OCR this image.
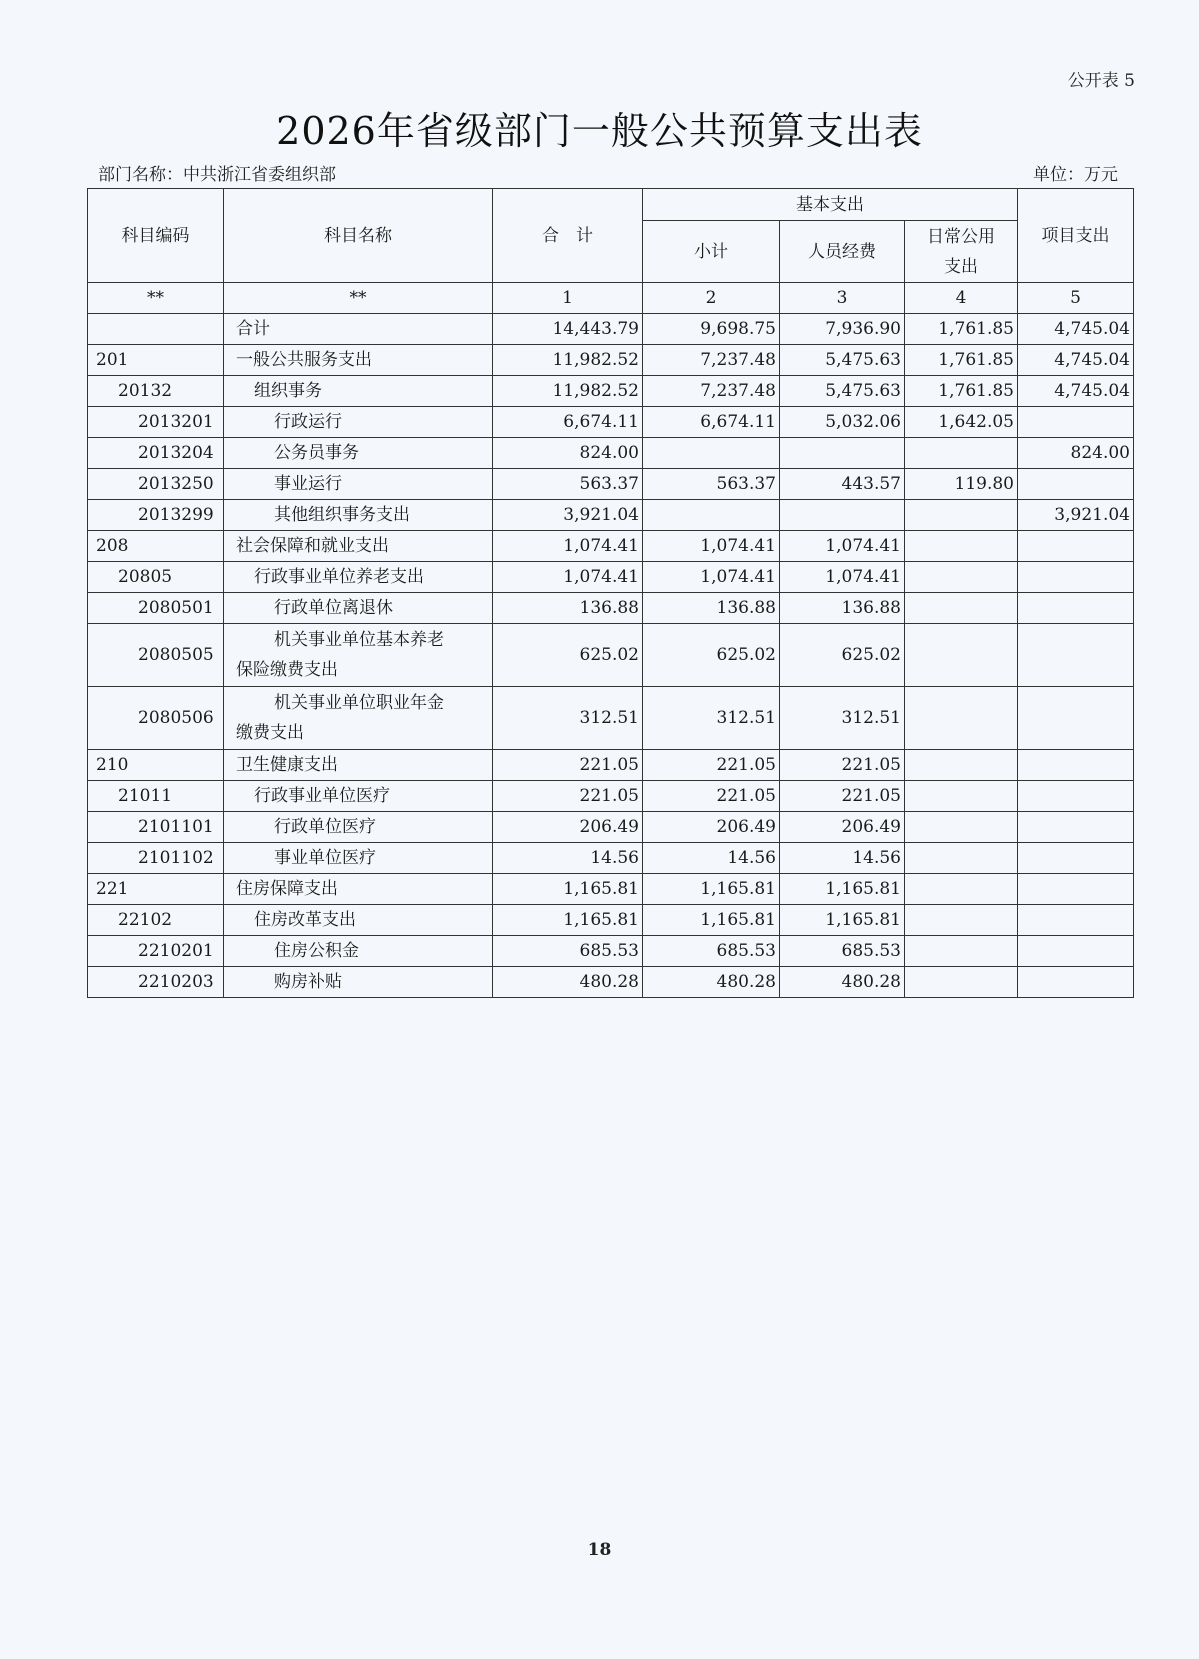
公开表 5
2026年省级部门一般公共预算支出表
部门名称：中共浙江省委组织部	单位：万元
科目编码	科目名称	合　计	基本支出			项目支出
			小计	人员经费	日常公用
支出	

**	**	1	2	3	4	5
	合计	14,443.79	9,698.75	7,936.90	1,761.85	4,745.04
201	一般公共服务支出	11,982.52	7,237.48	5,475.63	1,761.85	4,745.04
20132	组织事务	11,982.52	7,237.48	5,475.63	1,761.85	4,745.04
2013201	行政运行	6,674.11	6,674.11	5,032.06	1,642.05	
2013204	公务员事务	824.00				824.00
2013250	事业运行	563.37	563.37	443.57	119.80	
2013299	其他组织事务支出	3,921.04				3,921.04
208	社会保障和就业支出	1,074.41	1,074.41	1,074.41		
20805	行政事业单位养老支出	1,074.41	1,074.41	1,074.41		
2080501	行政单位离退休	136.88	136.88	136.88		
2080505	机关事业单位基本养老
保险缴费支出	625.02	625.02	625.02		
2080506	机关事业单位职业年金
缴费支出	312.51	312.51	312.51		
210	卫生健康支出	221.05	221.05	221.05		
21011	行政事业单位医疗	221.05	221.05	221.05		
2101101	行政单位医疗	206.49	206.49	206.49		
2101102	事业单位医疗	14.56	14.56	14.56		
221	住房保障支出	1,165.81	1,165.81	1,165.81		
22102	住房改革支出	1,165.81	1,165.81	1,165.81		
2210201	住房公积金	685.53	685.53	685.53		
2210203	购房补贴	480.28	480.28	480.28		
18
